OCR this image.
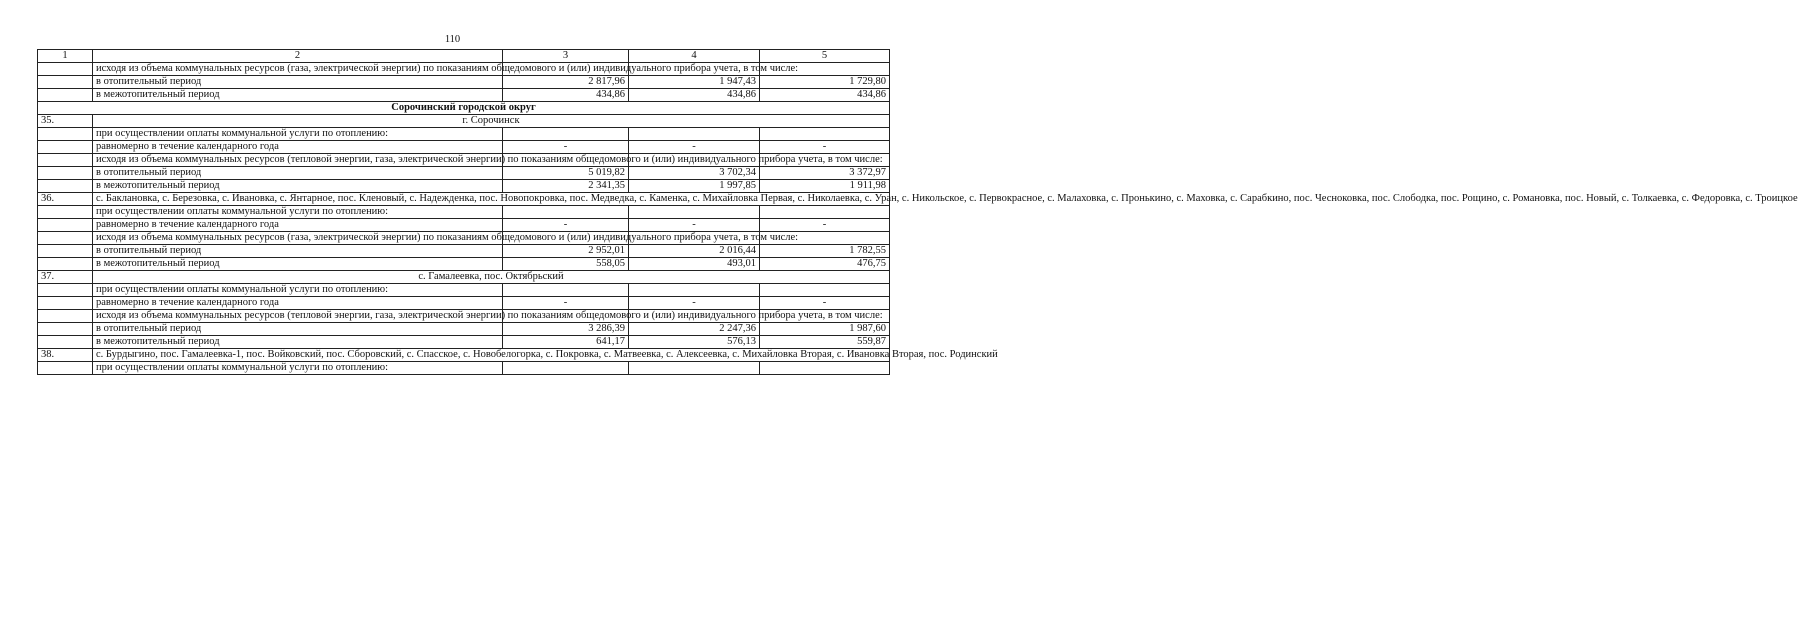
110
1	2	3	4	5
	исходя из объема коммунальных ресурсов (газа, электрической энергии) по показаниям общедомового и (или) индивидуального прибора учета, в том числе:			
	в отопительный период	2 817,96	1 947,43	1 729,80
	в межотопительный период	434,86	434,86	434,86
Сорочинский городской округ				
35.	г. Сорочинск			
	при осуществлении оплаты коммунальной услуги по отоплению:			
	равномерно в течение календарного года	-	-	-
	исходя из объема коммунальных ресурсов (тепловой энергии, газа, электрической энергии) по показаниям общедомового и (или) индивидуального прибора учета, в том числе:			
	в отопительный период	5 019,82	3 702,34	3 372,97
	в межотопительный период	2 341,35	1 997,85	1 911,98
36.	с. Баклановка, с. Березовка, с. Ивановка, с. Янтарное, пос. Кленовый, с. Надежденка, пос. Новопокровка, пос. Медведка, с. Каменка, с. Михайловка Первая, с. Николаевка, с. Уран, с. Никольское, с. Первокрасное, с. Малаховка, с. Пронькино, с. Маховка, с. Сарабкино, пос. Чесноковка, пос. Слободка, пос. Рощино, с. Романовка, пос. Новый, с. Толкаевка, с. Федоровка, с. Троицкое			
	при осуществлении оплаты коммунальной услуги по отоплению:			
	равномерно в течение календарного года	-	-	-
	исходя из объема коммунальных ресурсов (газа, электрической энергии) по показаниям общедомового и (или) индивидуального прибора учета, в том числе:			
	в отопительный период	2 952,01	2 016,44	1 782,55
	в межотопительный период	558,05	493,01	476,75
37.	с. Гамалеевка, пос. Октябрьский			
	при осуществлении оплаты коммунальной услуги по отоплению:			
	равномерно в течение календарного года	-	-	-
	исходя из объема коммунальных ресурсов (тепловой энергии, газа, электрической энергии) по показаниям общедомового и (или) индивидуального прибора учета, в том числе:			
	в отопительный период	3 286,39	2 247,36	1 987,60
	в межотопительный период	641,17	576,13	559,87
38.	с. Бурдыгино, пос. Гамалеевка-1, пос. Войковский, пос. Сборовский, с. Спасское, с. Новобелогорка, с. Покровка, с. Матвеевка, с. Алексеевка, с. Михайловка Вторая, с. Ивановка Вторая, пос. Родинский			
	при осуществлении оплаты коммунальной услуги по отоплению:			
